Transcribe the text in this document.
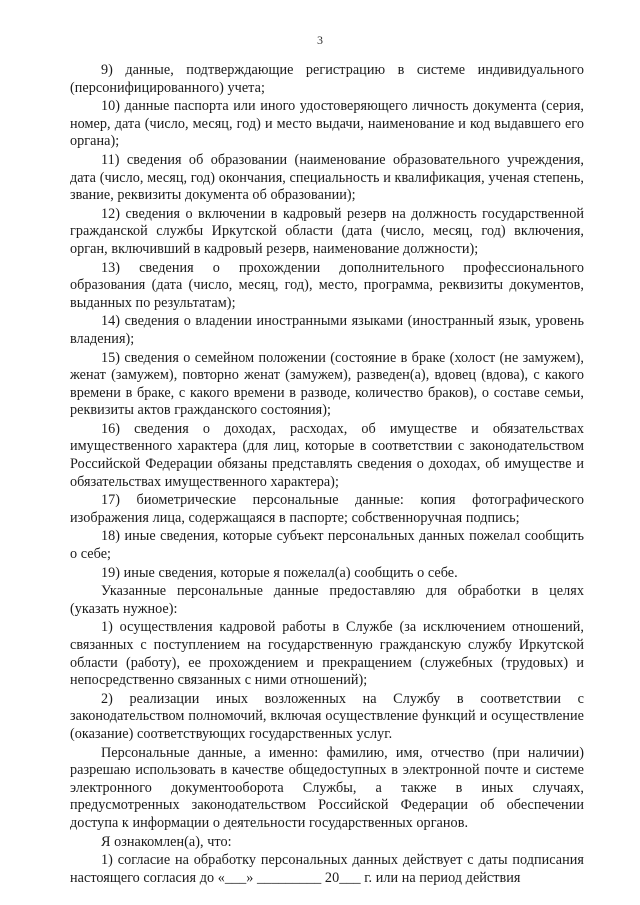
3

9) данные, подтверждающие регистрацию в системе индивидуального (персонифицированного) учета;

10) данные паспорта или иного удостоверяющего личность документа (серия, номер, дата (число, месяц, год) и место выдачи, наименование и код выдавшего его органа);

11) сведения об образовании (наименование образовательного учреждения, дата (число, месяц, год) окончания, специальность и квалификация, ученая степень, звание, реквизиты документа об образовании);

12) сведения о включении в кадровый резерв на должность государственной гражданской службы Иркутской области (дата (число, месяц, год) включения, орган, включивший в кадровый резерв, наименование должности);

13) сведения о прохождении дополнительного профессионального образования (дата (число, месяц, год), место, программа, реквизиты документов, выданных по результатам);

14) сведения о владении иностранными языками (иностранный язык, уровень владения);

15) сведения о семейном положении (состояние в браке (холост (не замужем), женат (замужем), повторно женат (замужем), разведен(а), вдовец (вдова), с какого времени в браке, с какого времени в разводе, количество браков), о составе семьи, реквизиты актов гражданского состояния);

16) сведения о доходах, расходах, об имуществе и обязательствах имущественного характера (для лиц, которые в соответствии с законодательством Российской Федерации обязаны представлять сведения о доходах, об имуществе и обязательствах имущественного характера);

17) биометрические персональные данные: копия фотографического изображения лица, содержащаяся в паспорте; собственноручная подпись;

18) иные сведения, которые субъект персональных данных пожелал сообщить о себе;

19) иные сведения, которые я пожелал(а) сообщить о себе.

Указанные персональные данные предоставляю для обработки в целях (указать нужное):

1) осуществления кадровой работы в Службе (за исключением отношений, связанных с поступлением на государственную гражданскую службу Иркутской области (работу), ее прохождением и прекращением (служебных (трудовых) и непосредственно связанных с ними отношений);

2) реализации иных возложенных на Службу в соответствии с законодательством полномочий, включая осуществление функций и осуществление (оказание) соответствующих государственных услуг.

Персональные данные, а именно: фамилию, имя, отчество (при наличии) разрешаю использовать в качестве общедоступных в электронной почте и системе электронного документооборота Службы, а также в иных случаях, предусмотренных законодательством Российской Федерации об обеспечении доступа к информации о деятельности государственных органов.

Я ознакомлен(а), что:

1) согласие на обработку персональных данных действует с даты подписания настоящего согласия до «___» _________ 20___ г. или на период действия
